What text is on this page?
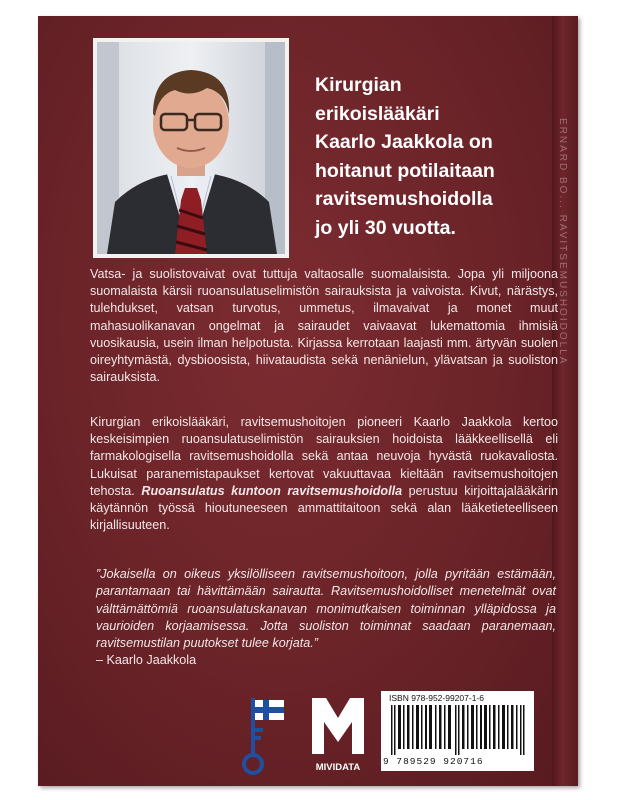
ERNARD BO... RAVITSEMUSHOIDOLLA
Kirurgian
erikoislääkäri
Kaarlo Jaakkola on
hoitanut potilaitaan
ravitsemushoidolla
jo yli 30 vuotta.
Vatsa- ja suolistovaivat ovat tuttuja valtaosalle suomalaisista. Jopa yli miljoona suomalaista kärsii ruoansulatuselimistön sairauksista ja vaivoista. Kivut, närästys, tulehdukset, vatsan turvotus, ummetus, ilmavaivat ja monet muut mahasuolikanavan ongelmat ja sairaudet vaivaavat lukemattomia ihmisiä vuosikausia, usein ilman helpotusta. Kirjassa kerrotaan laajasti mm. ärtyvän suolen oireyhtymästä, dysbioosista, hiivataudista sekä nenänielun, ylävatsan ja suoliston sairauksista.
Kirurgian erikoislääkäri, ravitsemushoitojen pioneeri Kaarlo Jaakkola kertoo keskeisimpien ruoansulatuselimistön sairauksien hoidoista lääkkeellisellä eli farmakologisella ravitsemushoidolla sekä antaa neuvoja hyvästä ruokavaliosta. Lukuisat paranemistapaukset kertovat vakuuttavaa kieltään ravitsemushoitojen tehosta. Ruoansulatus kuntoon ravitsemushoidolla perustuu kirjoittajalääkärin käytännön työssä hioutuneeseen ammattitaitoon sekä alan lääketieteelliseen kirjallisuuteen.
”Jokaisella on oikeus yksilölliseen ravitsemushoitoon, jolla pyritään estämään, parantamaan tai hävittämään sairautta. Ravitsemushoidolliset menetelmät ovat välttämättömiä ruoansulatuskanavan monimutkaisen toiminnan ylläpidossa ja vaurioiden korjaamisessa. Jotta suoliston toiminnat saadaan paranemaan, ravitsemustilan puutokset tulee korjata.”
– Kaarlo Jaakkola
MIVIDATA
ISBN 978-952-99207-1-6
9 789529 920716
